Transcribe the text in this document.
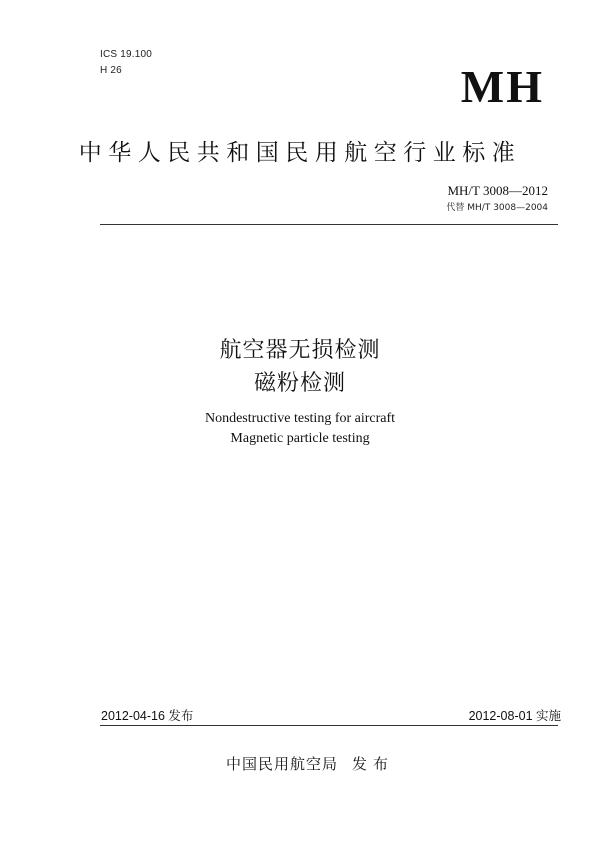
ICS 19.100
H 26	MH
中华人民共和国民用航空行业标准
MH/T 3008—2012
代替 MH/T 3008—2004
航空器无损检测
磁粉检测
Nondestructive testing for aircraft
Magnetic particle testing
2012-04-16 发布	2012-08-01 实施
中国民用航空局 发布
